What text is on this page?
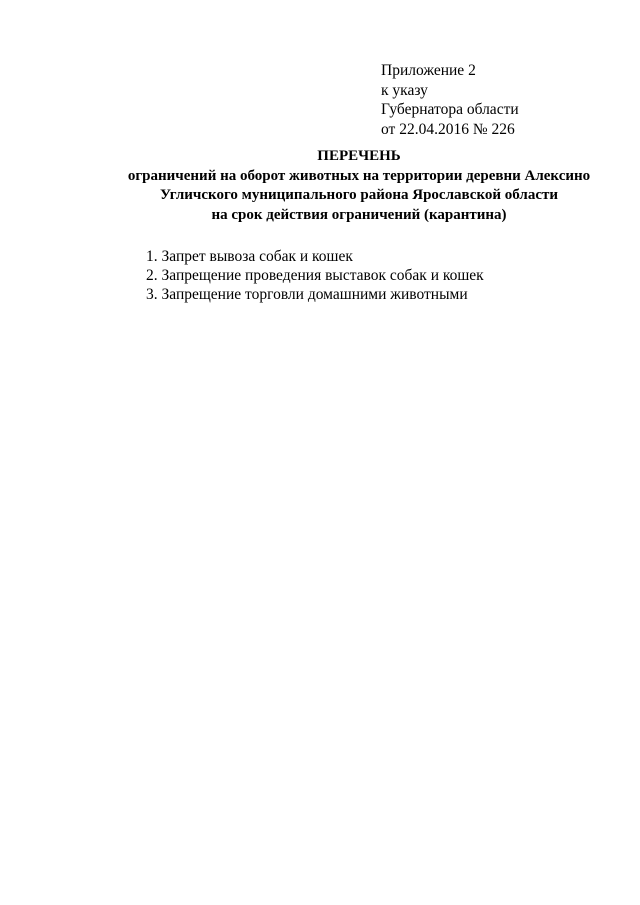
Приложение 2
к указу
Губернатора области
от 22.04.2016 № 226
ПЕРЕЧЕНЬ
ограничений на оборот животных на территории деревни Алексино
Угличского муниципального района Ярославской области
на срок действия ограничений (карантина)
1. Запрет вывоза собак и кошек
2. Запрещение проведения выставок собак и кошек
3. Запрещение торговли домашними животными
